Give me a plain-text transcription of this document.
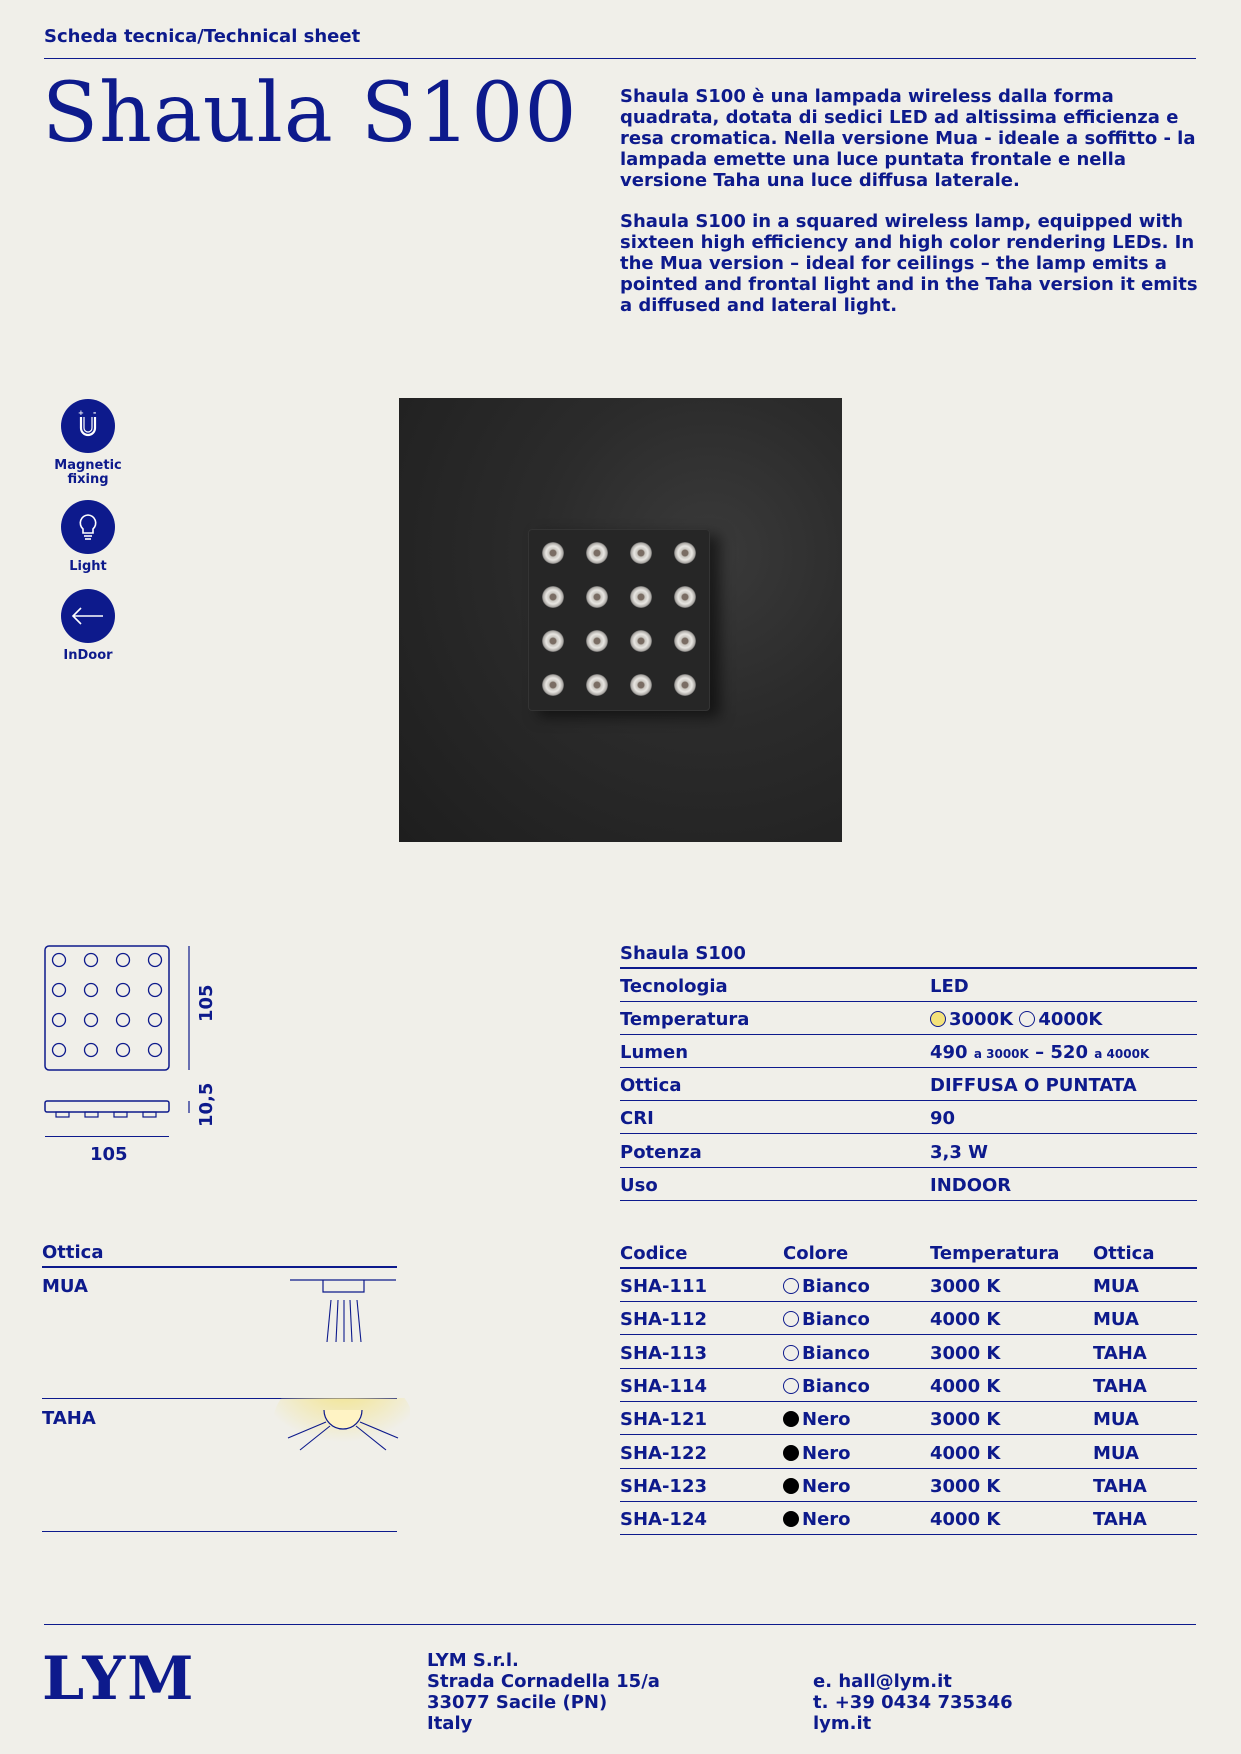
Scheda tecnica/Technical sheet
Shaula S100 Shaula S100 è una lampada wireless dalla forma quadrata, dotata di sedici LED ad altissima efficienza e resa cromatica. Nella versione Mua - ideale a soffitto - la lampada emette una luce puntata frontale e nella versione Taha una luce diffusa laterale.
Shaula S100 in a squared wireless lamp, equipped with sixteen high efficiency and high color rendering LEDs. In the Mua version – ideal for ceilings – the lamp emits a pointed and frontal light and in the Taha version it emits a diffused and lateral light.
+ -
Magnetic
fixing
Light
InDoor
105
10,5
105
Shaula S100
Tecnologia	LED
Temperatura	3000K 4000K
Lumen	490 a 3000K – 520 a 4000K
Ottica	DIFFUSA O PUNTATA
CRI	90
Potenza	3,3 W
Uso	INDOOR
Ottica
MUA
TAHA
Codice	Colore	Temperatura Ottica
SHA-111	Bianco	3000 K	MUA
SHA-112	Bianco	4000 K	MUA
SHA-113	Bianco	3000 K	TAHA
SHA-114	Bianco	4000 K	TAHA
SHA-121	Nero	3000 K	MUA
SHA-122	Nero	4000 K	MUA
SHA-123	Nero	3000 K	TAHA
SHA-124	Nero	4000 K	TAHA
LYM	LYM S.r.l.
Strada Cornadella 15/a
33077 Sacile (PN)
Italy
e. hall@lym.it
t. +39 0434 735346
lym.it
